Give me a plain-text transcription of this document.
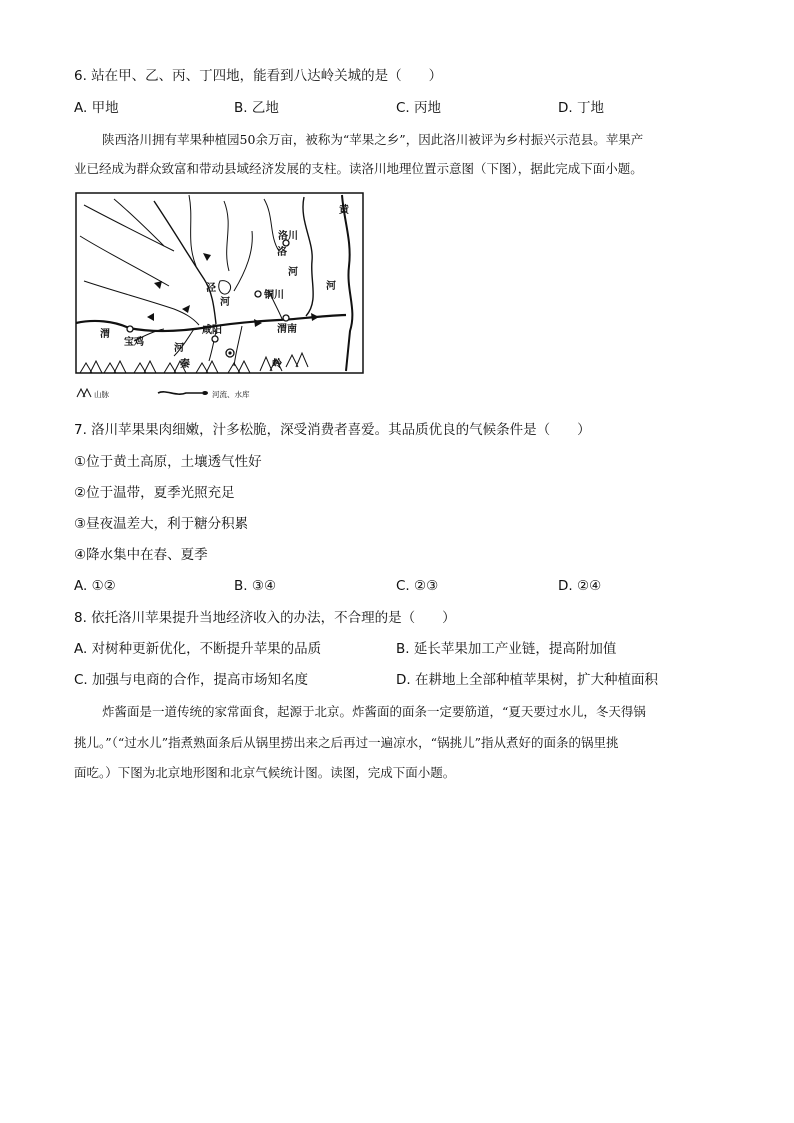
6. 站在甲、乙、丙、丁四地，能看到八达岭关城的是（　　）
A. 甲地	B. 乙地	C. 丙地	D. 丁地
陕西洛川拥有苹果种植园50余万亩，被称为“苹果之乡”，因此洛川被评为乡村振兴示范县。苹果产
业已经成为群众致富和带动县域经济发展的支柱。读洛川地理位置示意图（下图），据此完成下面小题。
洛川
黄
河
洛
河
铜川
泾
河
渭
河
宝鸡
咸阳	渭南
秦	岭
山脉	河流、水库
7. 洛川苹果果肉细嫩，汁多松脆，深受消费者喜爱。其品质优良的气候条件是（　　）
①位于黄土高原，土壤透气性好
②位于温带，夏季光照充足
③昼夜温差大，利于糖分积累
④降水集中在春、夏季
A. ①②	B. ③④	C. ②③	D. ②④
8. 依托洛川苹果提升当地经济收入的办法，不合理的是（　　）
A. 对树种更新优化，不断提升苹果的品质	B. 延长苹果加工产业链，提高附加值
C. 加强与电商的合作，提高市场知名度	D. 在耕地上全部种植苹果树，扩大种植面积
炸酱面是一道传统的家常面食，起源于北京。炸酱面的面条一定要筋道，“夏天要过水儿，冬天得锅
挑儿。”（“过水儿”指煮熟面条后从锅里捞出来之后再过一遍凉水，“锅挑儿”指从煮好的面条的锅里挑
面吃。）下图为北京地形图和北京气候统计图。读图，完成下面小题。
